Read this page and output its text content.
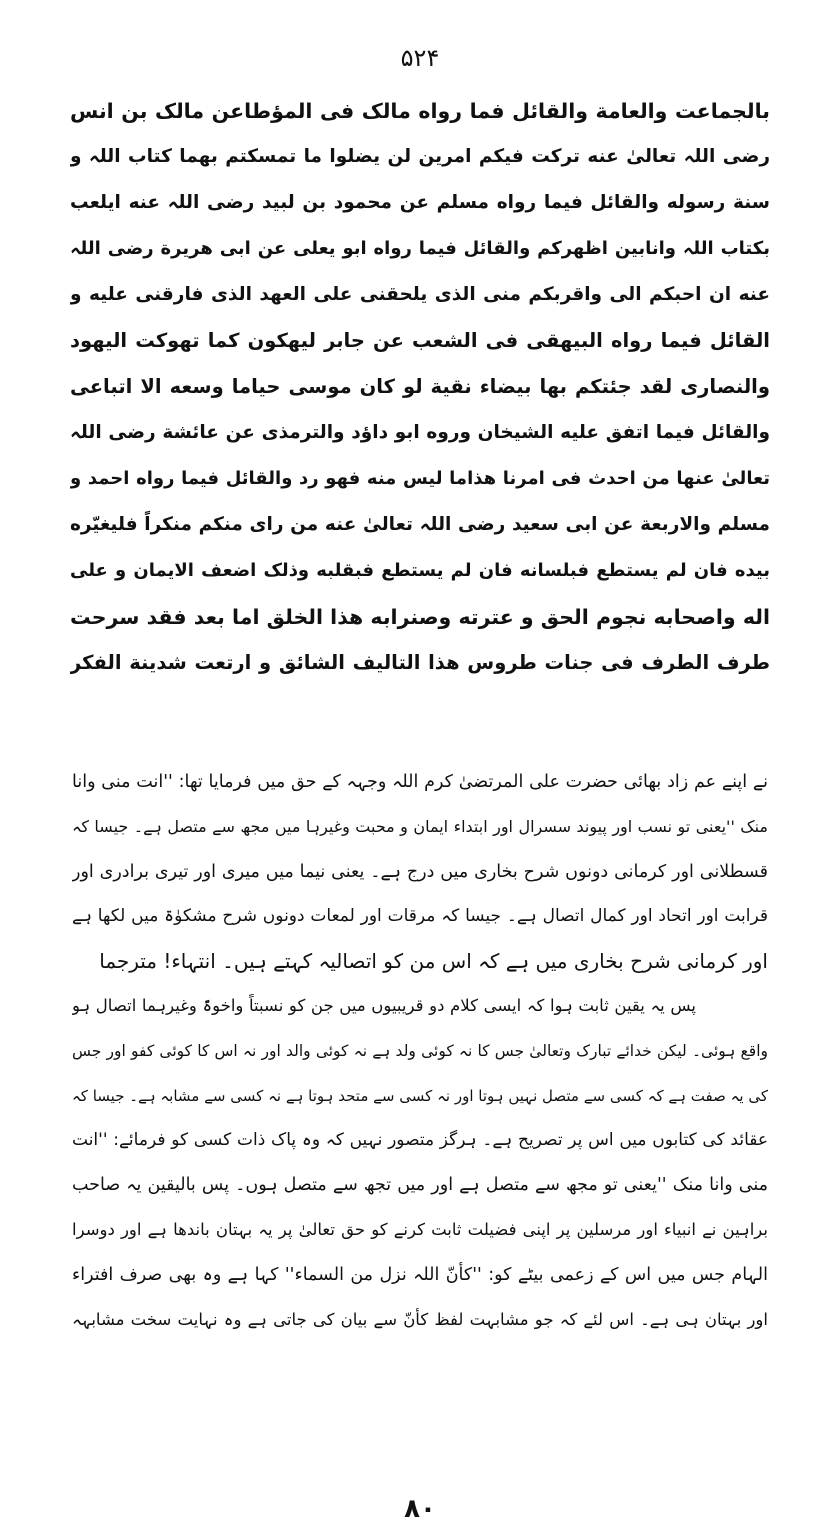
۵۲۴
بالجماعت والعامة والقائل فما رواه مالک فی المؤطاعن مالک بن انس
رضی اللہ تعالیٰ عنه تركت فیكم امرین لن یضلوا ما تمسكتم بهما كتاب اللہ و
سنة رسوله والقائل فیما رواه مسلم عن محمود بن لبید رضی اللہ عنه ایلعب
بكتاب اللہ وانابین اظهركم والقائل فیما رواه ابو یعلی عن ابی هریرة رضی اللہ
عنه ان احبكم الی واقربكم منی الذی یلحقنی علی العهد الذی فارقنی علیه و
القائل فیما رواه البیهقی فی الشعب عن جابر لیهکون کما تهوکت الیهود
والنصاری لقد جئتكم بها بیضاء نقیة لو كان موسی حیاما وسعه الا اتباعی
والقائل فیما اتفق علیه الشیخان وروه ابو داؤد والترمذی عن عائشة رضی اللہ
تعالیٰ عنها من احدث فی امرنا هذاما لیس منه فهو رد والقائل فیما رواه احمد و
مسلم والاربعة عن ابی سعید رضی اللہ تعالیٰ عنه من رای منكم منكراً فلیغیّره
بیده فان لم یستطع فبلسانه فان لم یستطع فبقلبه وذلک اضعف الایمان و علی
اله واصحابه نجوم الحق و عترته وصنرابه هذا الخلق اما بعد فقد سرحت
طرف الطرف فی جنات طروس هذا التالیف الشائق و ارتعت شدینة الفكر
نے اپنے عم زاد بھائی حضرت علی المرتضیٰ کرم اللہ وجہہ کے حق میں فرمایا تھا: ''انت منی وانا
منک ''یعنی تو نسب اور پیوند سسرال اور ابتداء ایمان و محبت وغیرہا میں مجھ سے متصل ہے۔ جیسا کہ
قسطلانی اور کرمانی دونوں شرح بخاری میں درج ہے۔ یعنی نیما میں میری اور تیری برادری اور
قرابت اور اتحاد اور کمال اتصال ہے۔ جیسا کہ مرقات اور لمعات دونوں شرح مشکوٰۃ میں لکھا ہے
اور کرمانی شرح بخاری میں ہے کہ اس من کو اتصالیہ کہتے ہیں۔ انتہاء! مترجما
پس یہ یقین ثابت ہوا کہ ایسی کلام دو قریبیوں میں جن کو نسبتاً واخوۃً وغیرہما اتصال ہو
واقع ہوئی۔ لیکن خدائے تبارک وتعالیٰ جس کا نہ کوئی ولد ہے نہ کوئی والد اور نہ اس کا کوئی کفو اور جس
کی یہ صفت ہے کہ کسی سے متصل نہیں ہوتا اور نہ کسی سے متحد ہوتا ہے نہ کسی سے مشابہ ہے۔ جیسا کہ
عقائد کی کتابوں میں اس پر تصریح ہے۔ ہرگز متصور نہیں کہ وہ پاک ذات کسی کو فرمائے: ''انت
منی وانا منک ''یعنی تو مجھ سے متصل ہے اور میں تجھ سے متصل ہوں۔ پس بالیقین یہ صاحب
براہین نے انبیاء اور مرسلین پر اپنی فضیلت ثابت کرنے کو حق تعالیٰ پر یہ بہتان باندھا ہے اور دوسرا
الہام جس میں اس کے زعمی بیٹے کو: ''کأنّ اللہ نزل من السماء'' کہا ہے وہ بھی صرف افتراء
اور بہتان ہی ہے۔ اس لئے کہ جو مشابہت لفظ کأنّ سے بیان کی جاتی ہے وہ نہایت سخت مشابہہ
۸۰
